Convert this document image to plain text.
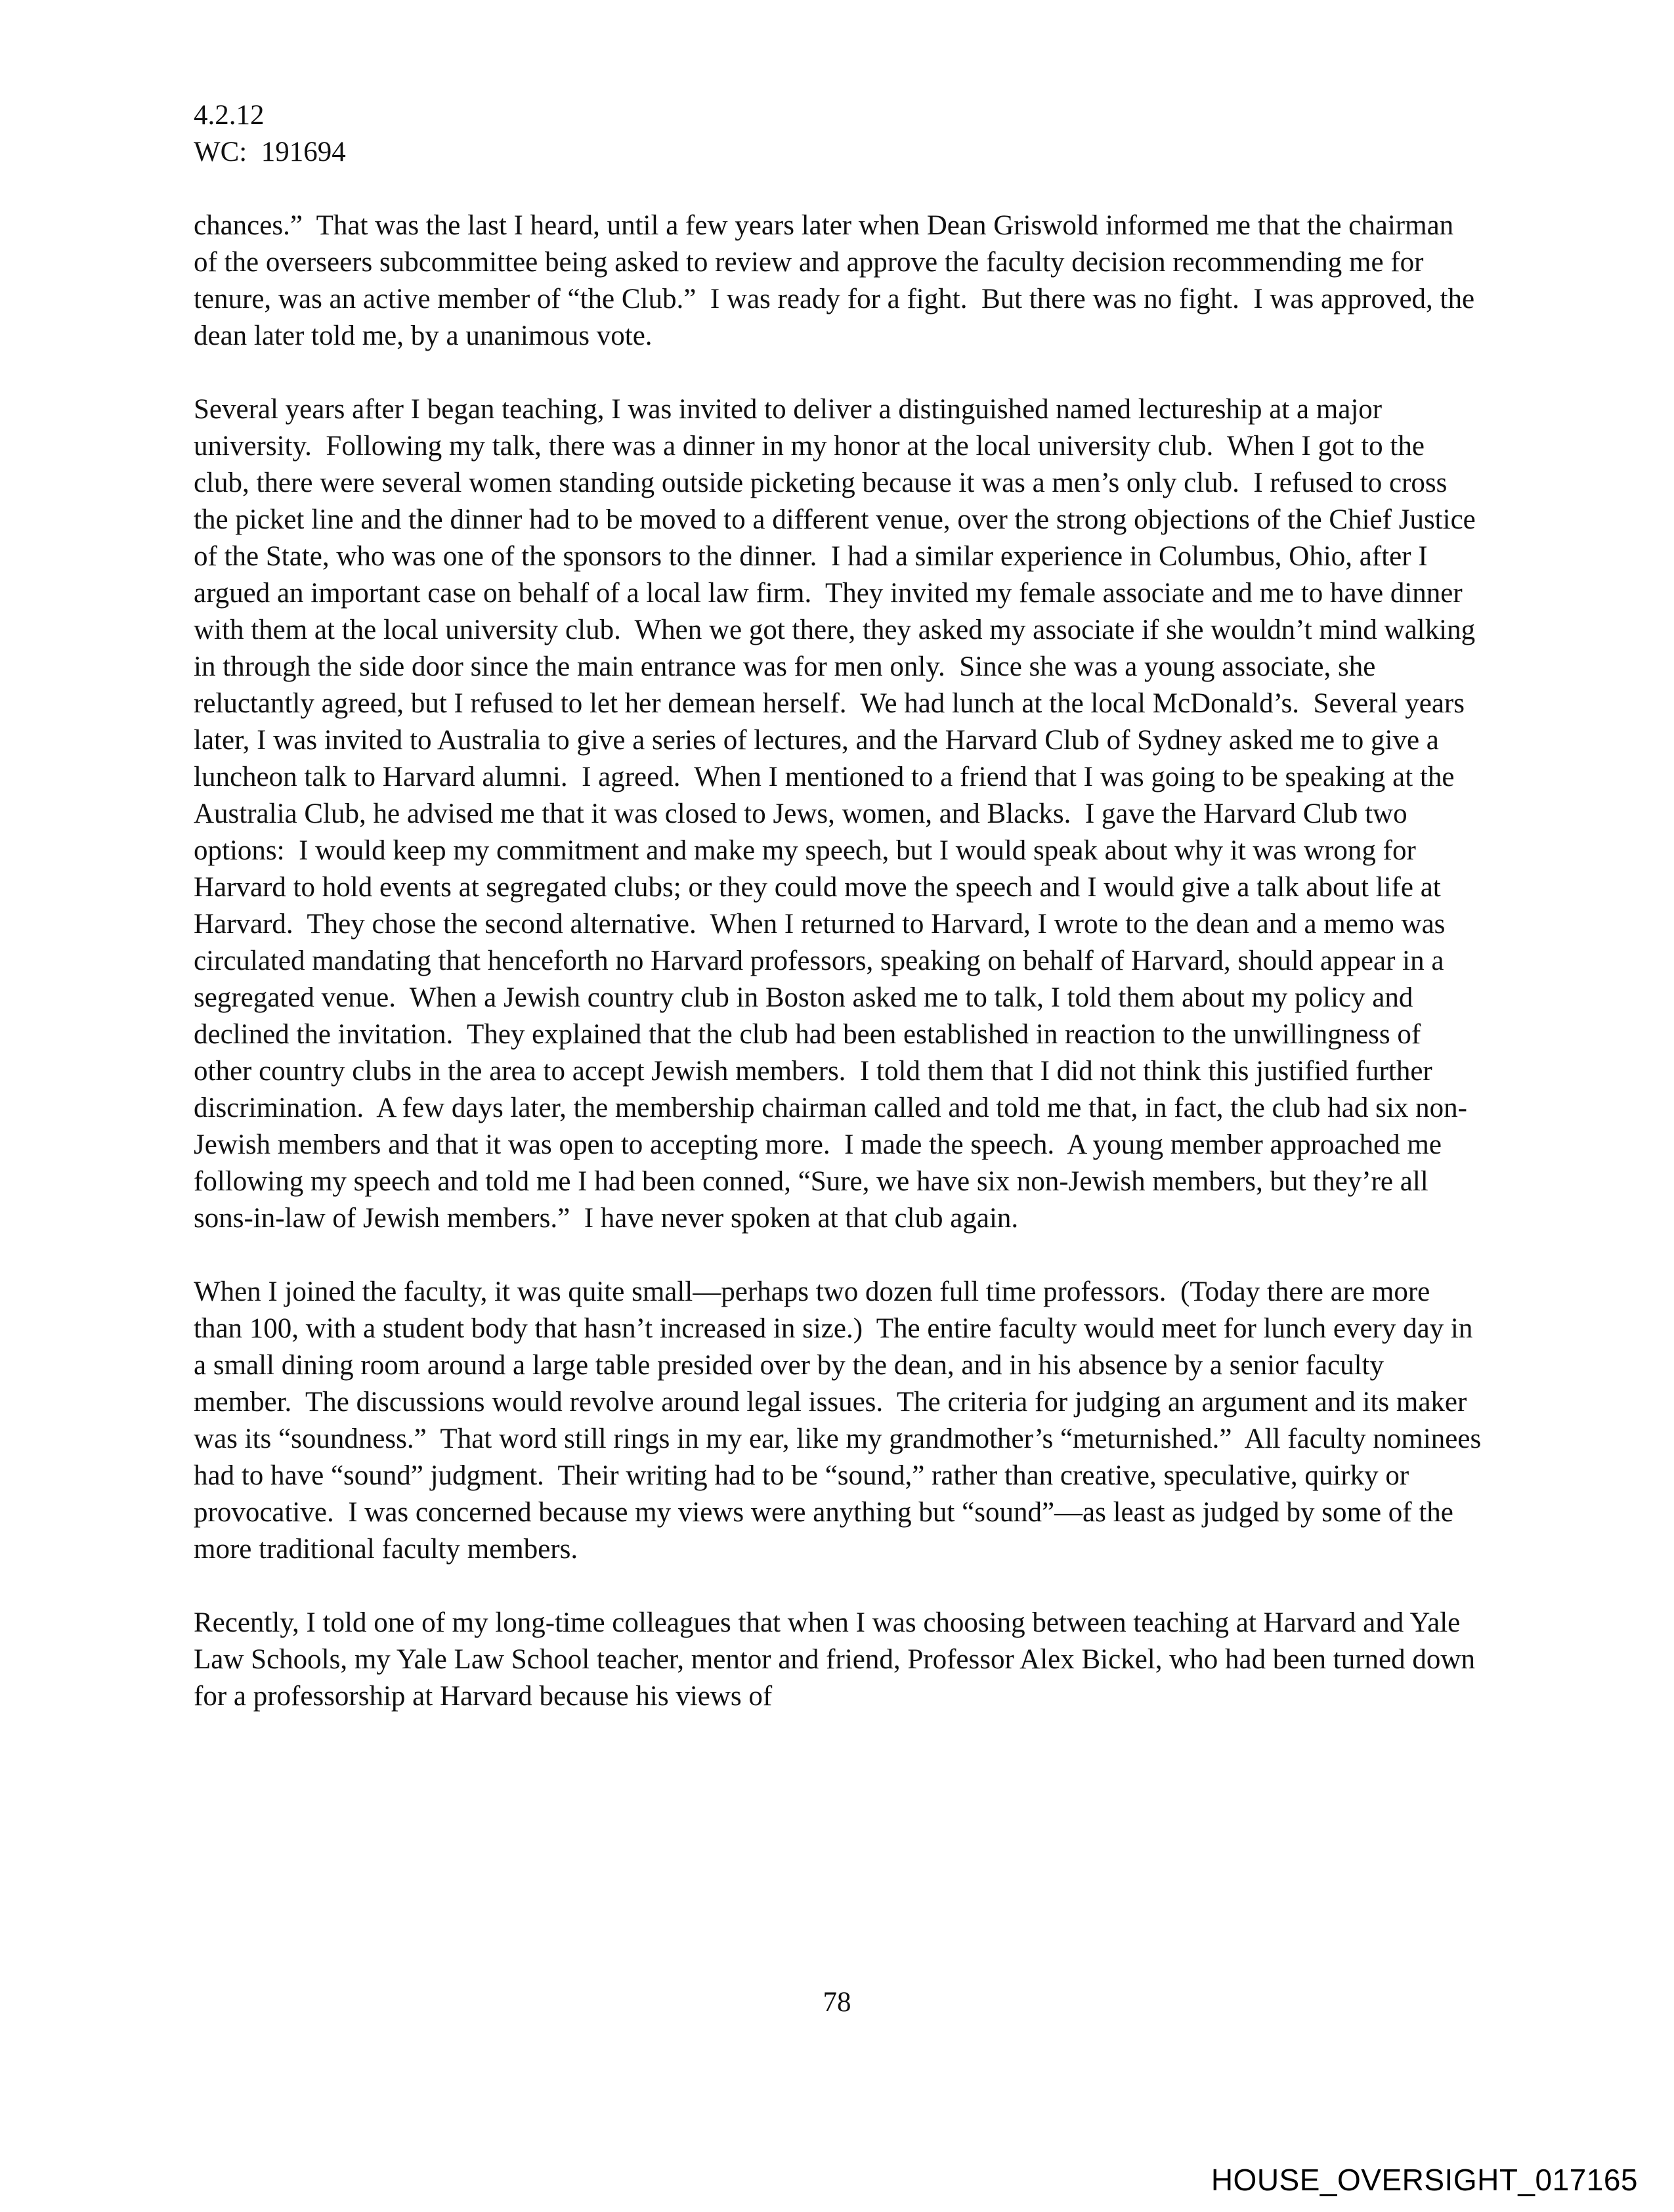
4.2.12
WC:  191694

chances.”  That was the last I heard, until a few years later when Dean Griswold informed me that the chairman of the overseers subcommittee being asked to review and approve the faculty decision recommending me for tenure, was an active member of “the Club.”  I was ready for a fight.  But there was no fight.  I was approved, the dean later told me, by a unanimous vote.

Several years after I began teaching, I was invited to deliver a distinguished named lectureship at a major university.  Following my talk, there was a dinner in my honor at the local university club.  When I got to the club, there were several women standing outside picketing because it was a men’s only club.  I refused to cross the picket line and the dinner had to be moved to a different venue, over the strong objections of the Chief Justice of the State, who was one of the sponsors to the dinner.  I had a similar experience in Columbus, Ohio, after I argued an important case on behalf of a local law firm.  They invited my female associate and me to have dinner with them at the local university club.  When we got there, they asked my associate if she wouldn’t mind walking in through the side door since the main entrance was for men only.  Since she was a young associate, she reluctantly agreed, but I refused to let her demean herself.  We had lunch at the local McDonald’s.  Several years later, I was invited to Australia to give a series of lectures, and the Harvard Club of Sydney asked me to give a luncheon talk to Harvard alumni.  I agreed.  When I mentioned to a friend that I was going to be speaking at the Australia Club, he advised me that it was closed to Jews, women, and Blacks.  I gave the Harvard Club two options:  I would keep my commitment and make my speech, but I would speak about why it was wrong for Harvard to hold events at segregated clubs; or they could move the speech and I would give a talk about life at Harvard.  They chose the second alternative.  When I returned to Harvard, I wrote to the dean and a memo was circulated mandating that henceforth no Harvard professors, speaking on behalf of Harvard, should appear in a segregated venue.  When a Jewish country club in Boston asked me to talk, I told them about my policy and declined the invitation.  They explained that the club had been established in reaction to the unwillingness of other country clubs in the area to accept Jewish members.  I told them that I did not think this justified further discrimination.  A few days later, the membership chairman called and told me that, in fact, the club had six non-Jewish members and that it was open to accepting more.  I made the speech.  A young member approached me following my speech and told me I had been conned, “Sure, we have six non-Jewish members, but they’re all sons-in-law of Jewish members.”  I have never spoken at that club again.

When I joined the faculty, it was quite small—perhaps two dozen full time professors.  (Today there are more than 100, with a student body that hasn’t increased in size.)  The entire faculty would meet for lunch every day in a small dining room around a large table presided over by the dean, and in his absence by a senior faculty member.  The discussions would revolve around legal issues.  The criteria for judging an argument and its maker was its “soundness.”  That word still rings in my ear, like my grandmother’s “meturnished.”  All faculty nominees had to have “sound” judgment.  Their writing had to be “sound,” rather than creative, speculative, quirky or provocative.  I was concerned because my views were anything but “sound”—as least as judged by some of the more traditional faculty members.

Recently, I told one of my long-time colleagues that when I was choosing between teaching at Harvard and Yale Law Schools, my Yale Law School teacher, mentor and friend, Professor Alex Bickel, who had been turned down for a professorship at Harvard because his views of

78
HOUSE_OVERSIGHT_017165
